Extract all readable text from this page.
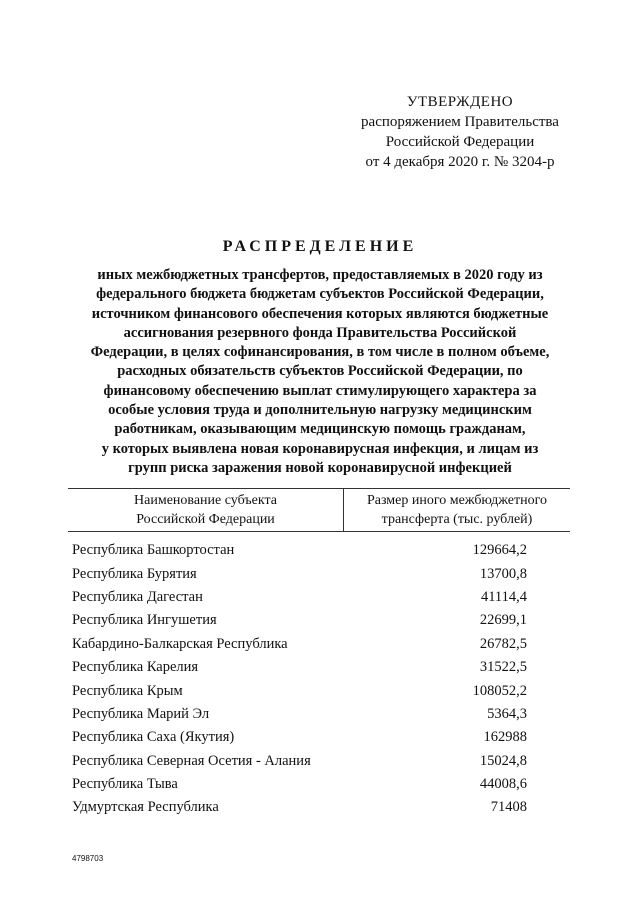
УТВЕРЖДЕНО
распоряжением Правительства
Российской Федерации
от 4 декабря 2020 г. № 3204-р
РАСПРЕДЕЛЕНИЕ
иных межбюджетных трансфертов, предоставляемых в 2020 году из
федерального бюджета бюджетам субъектов Российской Федерации,
источником финансового обеспечения которых являются бюджетные
ассигнования резервного фонда Правительства Российской
Федерации, в целях софинансирования, в том числе в полном объеме,
расходных обязательств субъектов Российской Федерации, по
финансовому обеспечению выплат стимулирующего характера за
особые условия труда и дополнительную нагрузку медицинским
работникам, оказывающим медицинскую помощь гражданам,
у которых выявлена новая коронавирусная инфекция, и лицам из
групп риска заражения новой коронавирусной инфекцией
Наименование субъекта
Российской Федерации
Размер иного межбюджетного
трансферта (тыс. рублей)
Республика Башкортостан	129664,2
Республика Бурятия	13700,8
Республика Дагестан	41114,4
Республика Ингушетия	22699,1
Кабардино-Балкарская Республика	26782,5
Республика Карелия	31522,5
Республика Крым	108052,2
Республика Марий Эл	5364,3
Республика Саха (Якутия)	162988
Республика Северная Осетия - Алания	15024,8
Республика Тыва	44008,6
Удмуртская Республика	71408
4798703
